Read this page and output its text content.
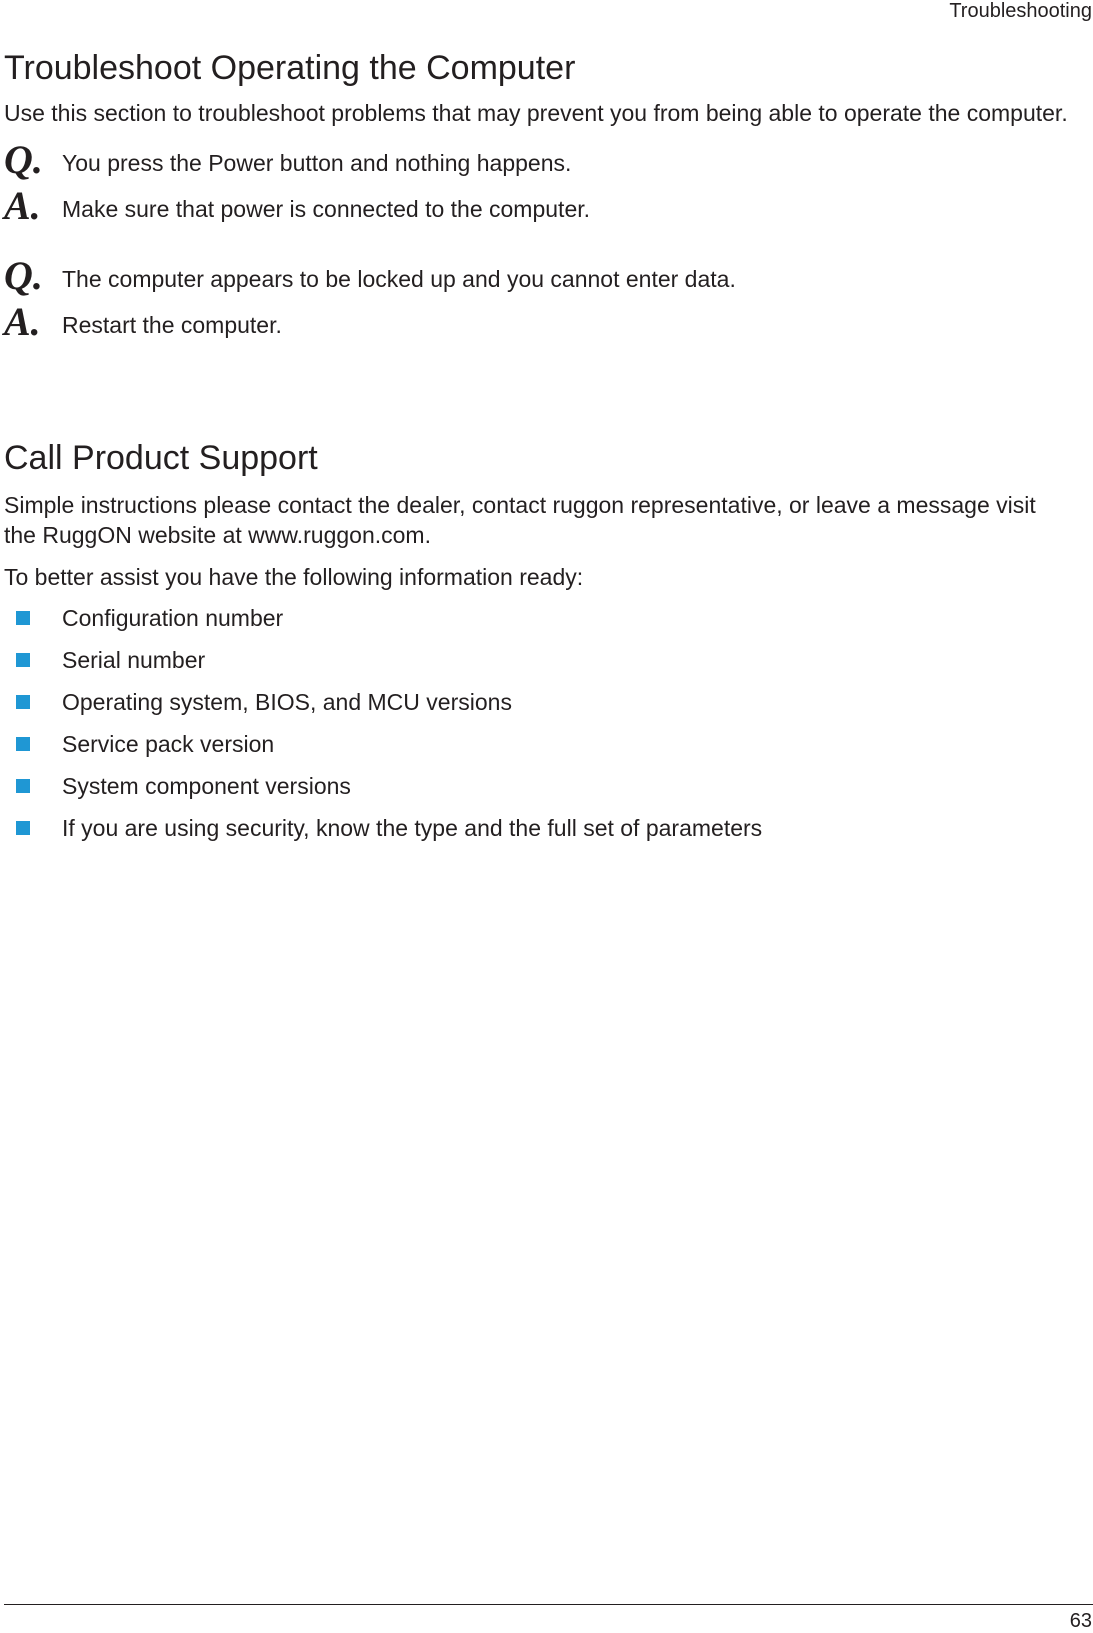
Troubleshooting
Troubleshoot Operating the Computer

Use this section to troubleshoot problems that may prevent you from being able to operate the computer.

Q. You press the Power button and nothing happens.
A. Make sure that power is connected to the computer.
Q. The computer appears to be locked up and you cannot enter data.
A. Restart the computer.
Call Product Support

Simple instructions please contact the dealer, contact ruggon representative, or leave a message visit the RuggON website at www.ruggon.com.

To better assist you have the following information ready:

Configuration number
Serial number
Operating system, BIOS, and MCU versions
Service pack version
System component versions
If you are using security, know the type and the full set of parameters
63
